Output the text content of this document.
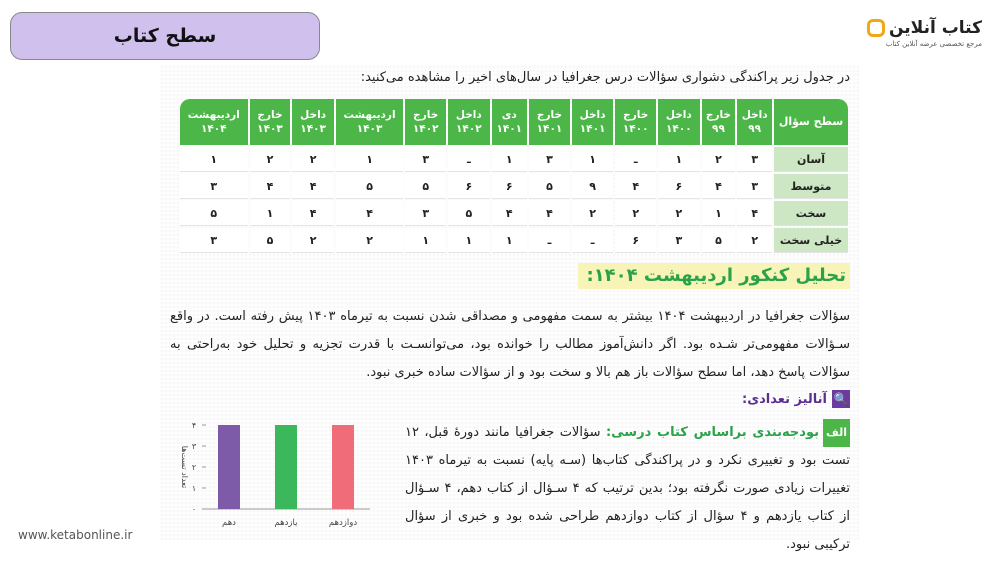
سطح کتاب	کتاب آنلاین
مرجع تخصصی عرضه آنلاین کتاب
در جدول زیر پراکندگی دشواری سؤالات درس جغرافیا در سال‌های اخیر را مشاهده می‌کنید:
سطح سؤال	داخل ۹۹	خارج ۹۹	داخل ۱۴۰۰	خارج ۱۴۰۰	داخل ۱۴۰۱	خارج ۱۴۰۱	دی ۱۴۰۱	داخل ۱۴۰۲	خارج ۱۴۰۲	اردیبهشت ۱۴۰۳	داخل ۱۴۰۳	خارج ۱۴۰۳	اردیبهشت ۱۴۰۴
آسان	۳	۲	۱	ـ	۱	۳	۱	ـ	۳	۱	۲	۲	۱
متوسط	۳	۴	۶	۴	۹	۵	۶	۶	۵	۵	۴	۴	۳
سخت	۴	۱	۲	۲	۲	۴	۴	۵	۳	۴	۴	۱	۵
خیلی سخت	۲	۵	۳	۶	ـ	ـ	۱	۱	۱	۲	۲	۵	۳
تحلیل کنکور اردیبهشت ۱۴۰۴:
سؤالات جغرافیا در اردیبهشت ۱۴۰۴ بیشتر به سمت مفهومی و مصداقی شدن نسبت به تیرماه ۱۴۰۳ پیش رفته است. در واقع سـؤالات مفهومی‌تر شـده بود. اگر دانش‌آموز مطالب را خوانده بود، می‌توانسـت با قدرت تجزیه و تحلیل خود به‌راحتی به سؤالات پاسخ دهد، اما سطح سؤالات باز هم بالا و سخت بود و از سؤالات ساده خبری نبود.
🔍
آنالیز تعدادی:
الفبودجه‌بندی براساس کتاب درسی: سؤالات جغرافیا مانند دورهٔ قبل، ۱۲ تست بود و تغییری نکرد و در پراکندگی کتاب‌ها (سـه پایه) نسبت به تیرماه ۱۴۰۳ تغییرات زیادی صورت نگرفته بود؛ بدین ترتیب که ۴ سـؤال از کتاب دهم، ۴ سـؤال از کتاب یازدهم و ۴ سؤال از کتاب دوازدهم طراحی شده بود و خبری از سؤال ترکیبی نبود.
۰
۱
۲
۳
۴
تعداد تست‌ها
دهم	یازدهم	دوازدهم
www.ketabonline.ir
